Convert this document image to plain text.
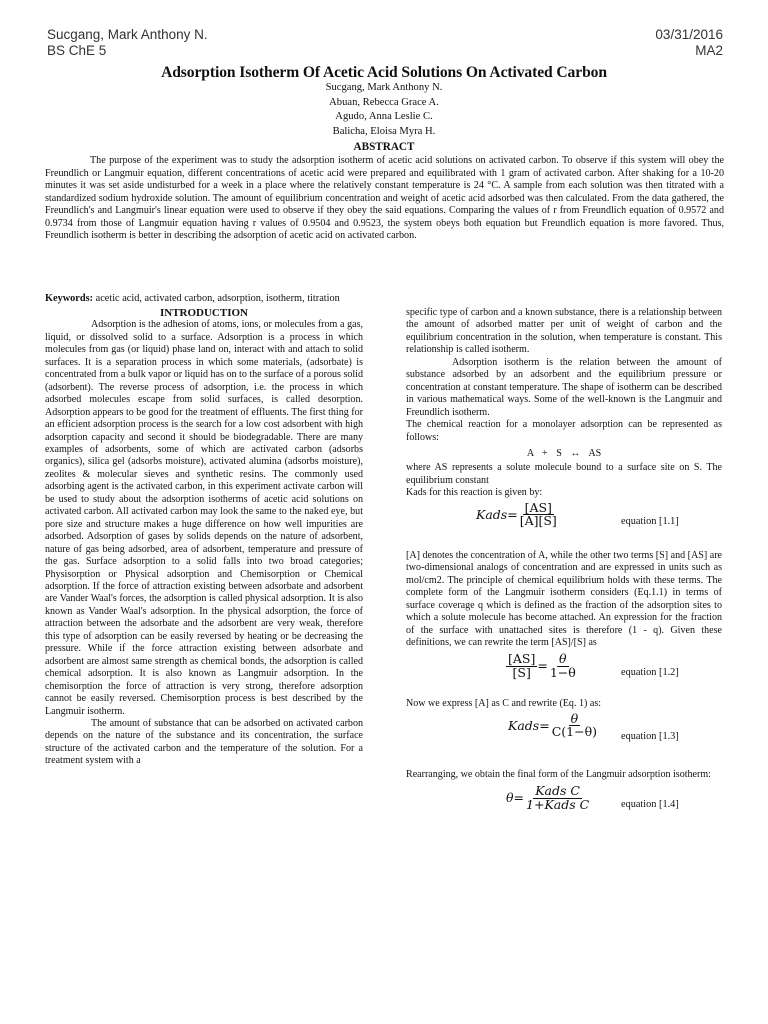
Sucgang, Mark Anthony N.
BS ChE 5
03/31/2016
MA2
Adsorption Isotherm Of Acetic Acid Solutions On Activated Carbon
Sucgang, Mark Anthony N.
Abuan, Rebecca Grace A.
Agudo, Anna Leslie C.
Balicha, Eloisa Myra H.
ABSTRACT

The purpose of the experiment was to study the adsorption isotherm of acetic acid solutions on activated carbon. To observe if this system will obey the Freundlich or Langmuir equation, different concentrations of acetic acid were prepared and equilibrated with 1 gram of activated carbon. After shaking for a 10-20 minutes it was set aside undisturbed for a week in a place where the relatively constant temperature is 24 °C. A sample from each solution was then titrated with a standardized sodium hydroxide solution. The amount of equilibrium concentration and weight of acetic acid adsorbed was then calculated. From the data gathered, the Freundlich's and Langmuir's linear equation were used to observe if they obey the said equations. Comparing the values of r from Freundlich equation of 0.9572 and 0.9734 from those of Langmuir equation having r values of 0.9504 and 0.9523, the system obeys both equation but Freundlich equation is more favored. Thus, Freundlich isotherm is better in describing the adsorption of acetic acid on activated carbon.

Keywords: acetic acid, activated carbon, adsorption, isotherm, titration

INTRODUCTION

Adsorption is the adhesion of atoms, ions, or molecules from a gas, liquid, or dissolved solid to a surface. Adsorption is a process in which molecules from gas (or liquid) phase land on, interact with and attach to solid surfaces. It is a separation process in which some materials, (adsorbate) is concentrated from a bulk vapor or liquid has on to the surface of a porous solid (adsorbent). The reverse process of adsorption, i.e. the process in which adsorbed molecules escape from solid surfaces, is called desorption. Adsorption appears to be good for the treatment of effluents. The first thing for an efficient adsorption process is the search for a low cost adsorbent with high adsorption capacity and second it should be biodegradable. There are many examples of adsorbents, some of which are activated carbon (adsorbs organics), silica gel (adsorbs moisture), activated alumina (adsorbs moisture), zeolites & molecular sieves and synthetic resins. The commonly used adsorbing agent is the activated carbon, in this experiment activate carbon will be used to study about the adsorption isotherms of acetic acid solutions on activated carbon. All activated carbon may look the same to the naked eye, but pore size and structure makes a huge difference on how well impurities are adsorbed. Adsorption of gases by solids depends on the nature of adsorbent, nature of gas being adsorbed, area of adsorbent, temperature and pressure of the gas. Surface adsorption to a solid falls into two broad categories; Physisorption or Physical adsorption and Chemisorption or Chemical adsorption. If the force of attraction existing between adsorbate and adsorbent are Vander Waal's forces, the adsorption is called physical adsorption. It is also known as Vander Waal's adsorption. In the physical adsorption, the force of attraction between the adsorbate and the adsorbent are very weak, therefore this type of adsorption can be easily reversed by heating or be decreasing the pressure. While if the force attraction existing between adsorbate and adsorbent are almost same strength as chemical bonds, the adsorption is called chemical adsorption. It is also known as Langmuir adsorption. In the chemisorption the force of attraction is very strong, therefore adsorption cannot be easily reversed. Chemisorption process is best described by the Langmuir isotherm.

The amount of substance that can be adsorbed on activated carbon depends on the nature of the substance and its concentration, the surface structure of the activated carbon and the temperature of the solution. For a treatment system with a

specific type of carbon and a known substance, there is a relationship between the amount of adsorbed matter per unit of weight of carbon and the equilibrium concentration in the solution, when temperature is constant. This relationship is called isotherm.

Adsorption isotherm is the relation between the amount of substance adsorbed by an adsorbent and the equilibrium pressure or concentration at constant temperature. The shape of isotherm can be described in various mathematical ways. Some of the well-known is the Langmuir and Freundlich isotherm.

The chemical reaction for a monolayer adsorption can be represented as follows:

A + S ↔ AS

where AS represents a solute molecule bound to a surface site on S. The equilibrium constant

Kads for this reaction is given by:

Kads = $\frac{[AS]}{[A][S]}$	equation [1.1]

[A] denotes the concentration of A, while the other two terms [S] and [AS] are two-dimensional analogs of concentration and are expressed in units such as mol/cm2. The principle of chemical equilibrium holds with these terms. The complete form of the Langmuir isotherm considers (Eq.1.1) in terms of surface coverage q which is defined as the fraction of the adsorption sites to which a solute molecule has become attached. An expression for the fraction of the surface with unattached sites is therefore (1 - q). Given these definitions, we can rewrite the term [AS]/[S] as

$\frac{[AS]}{[S]} = \frac{\theta}{1-\theta}$	equation [1.2]

Now we express [A] as C and rewrite (Eq. 1) as:

Kads = $\frac{\theta}{C(1-\theta)}$ equation [1.3]

Rearranging, we obtain the final form of the Langmuir adsorption isotherm:

$\theta = \frac{\text{Kads C}}{\text{1+Kads C}}$	equation [1.4]
